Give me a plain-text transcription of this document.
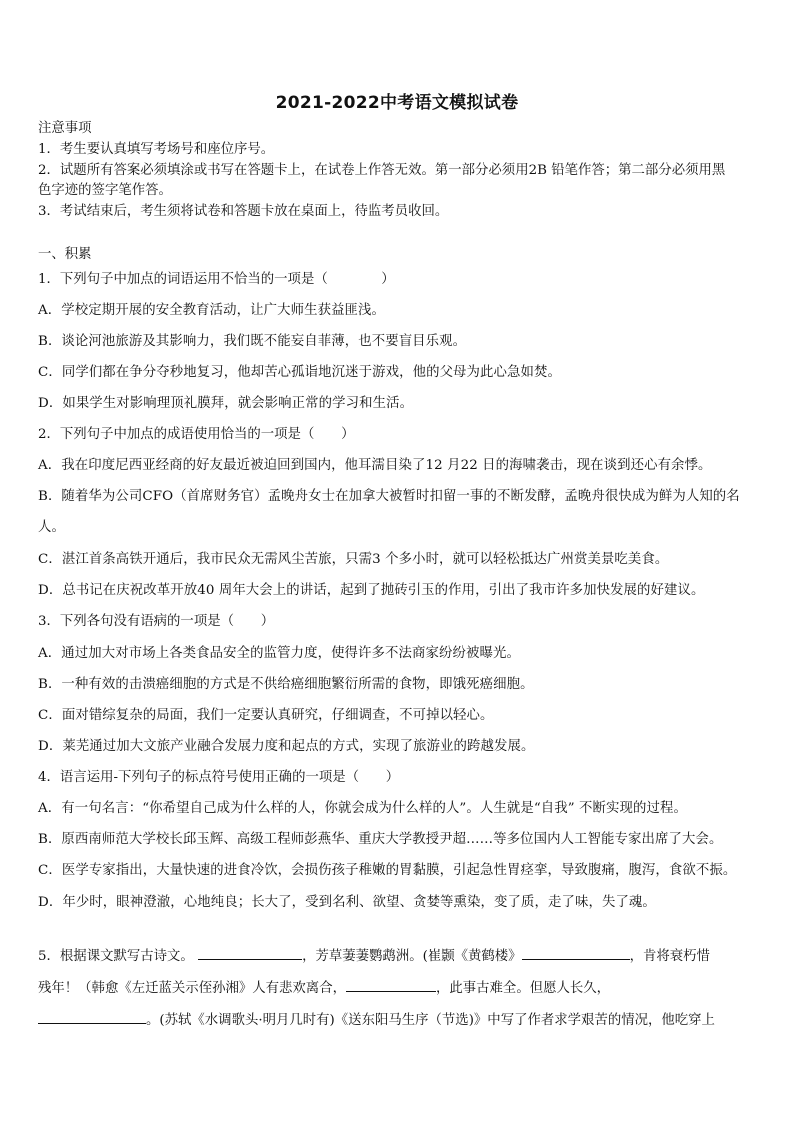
2021-2022中考语文模拟试卷
注意事项
1．考生要认真填写考场号和座位序号。
2．试题所有答案必须填涂或书写在答题卡上，在试卷上作答无效。第一部分必须用2B 铅笔作答；第二部分必须用黑
色字迹的签字笔作答。
3．考试结束后，考生须将试卷和答题卡放在桌面上，待监考员收回。
一、积累
1．下列句子中加点的词语运用不恰当的一项是（　　　　）
A．学校定期开展的安全教育活动，让广大师生获益匪浅。
B．谈论河池旅游及其影响力，我们既不能妄自菲薄，也不要盲目乐观。
C．同学们都在争分夺秒地复习，他却苦心孤诣地沉迷于游戏，他的父母为此心急如焚。
D．如果学生对影响理顶礼膜拜，就会影响正常的学习和生活。
2．下列句子中加点的成语使用恰当的一项是（　　）
A．我在印度尼西亚经商的好友最近被迫回到国内，他耳濡目染了12 月22 日的海啸袭击，现在谈到还心有余悸。
B．随着华为公司CFO（首席财务官）孟晚舟女士在加拿大被暂时扣留一事的不断发酵，孟晚舟很快成为鲜为人知的名
人。
C．湛江首条高铁开通后，我市民众无需风尘苦旅，只需3 个多小时，就可以轻松抵达广州赏美景吃美食。
D．总书记在庆祝改革开放40 周年大会上的讲话，起到了抛砖引玉的作用，引出了我市许多加快发展的好建议。
3．下列各句没有语病的一项是（　　）
A．通过加大对市场上各类食品安全的监管力度，使得许多不法商家纷纷被曝光。
B．一种有效的击溃癌细胞的方式是不供给癌细胞繁衍所需的食物，即饿死癌细胞。
C．面对错综复杂的局面，我们一定要认真研究，仔细调查，不可掉以轻心。
D．莱芜通过加大文旅产业融合发展力度和起点的方式，实现了旅游业的跨越发展。
4．语言运用-下列句子的标点符号使用正确的一项是（　　）
A．有一句名言：“你希望自己成为什么样的人，你就会成为什么样的人”。人生就是“自我” 不断实现的过程。
B．原西南师范大学校长邱玉辉、高级工程师彭燕华、重庆大学教授尹超……等多位国内人工智能专家出席了大会。
C．医学专家指出，大量快速的进食冷饮，会损伤孩子稚嫩的胃黏膜，引起急性胃痉挛，导致腹痛，腹泻，食欲不振。
D．年少时，眼神澄澈，心地纯良；长大了，受到名利、欲望、贪婪等熏染，变了质，走了味，失了魂。
5．根据课文默写古诗文。	，芳草萋萋鹦鹉洲。(崔颢《黄鹤楼》	，肯将衰朽惜
残年！（韩愈《左迁蓝关示侄孙湘》人有悲欢离合，	，此事古难全。但愿人长久，
。(苏轼《水调歌头·明月几时有)《送东阳马生序（节选)》中写了作者求学艰苦的情况，他吃穿上
